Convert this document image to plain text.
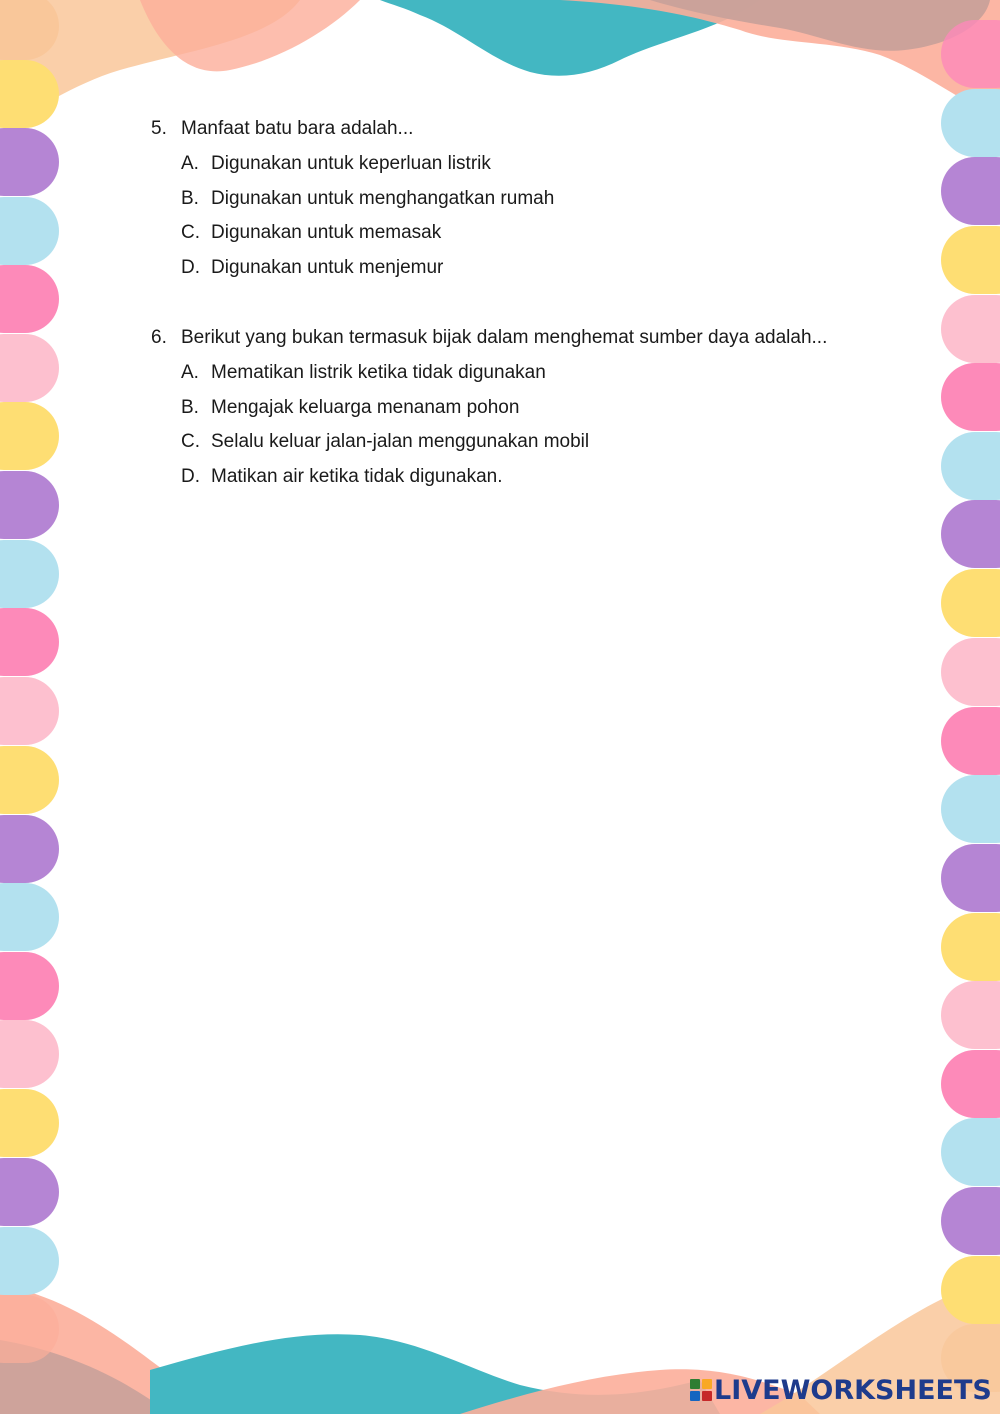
5. Manfaat batu bara adalah...
A. Digunakan untuk keperluan listrik
B. Digunakan untuk menghangatkan rumah
C. Digunakan untuk memasak
D. Digunakan untuk menjemur
6. Berikut yang bukan termasuk bijak dalam menghemat sumber daya adalah...
A. Mematikan listrik ketika tidak digunakan
B. Mengajak keluarga menanam pohon
C. Selalu keluar jalan-jalan menggunakan mobil
D. Matikan air ketika tidak digunakan.
LIVEWORKSHEETS
